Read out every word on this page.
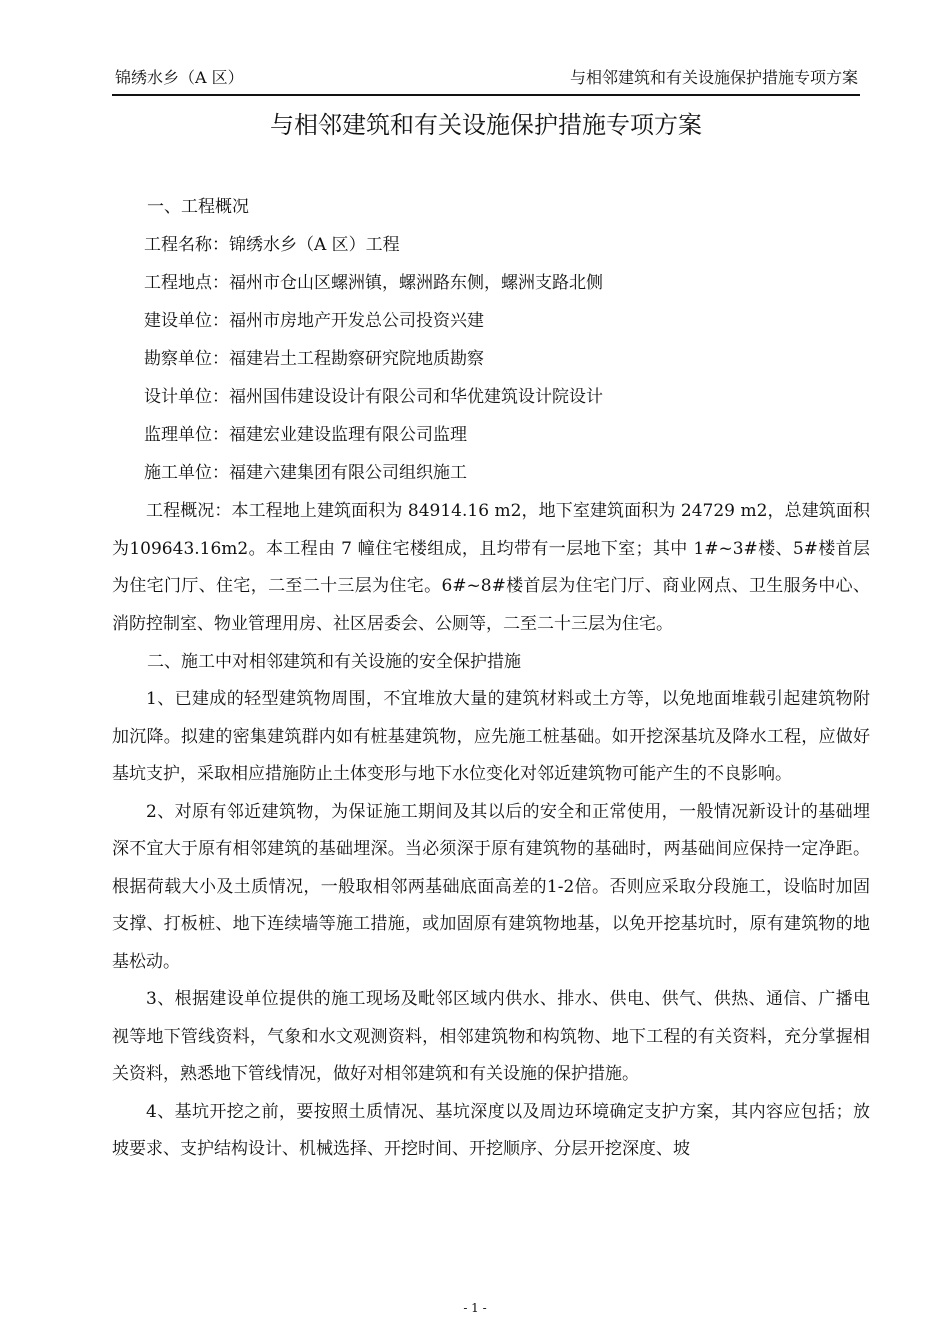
锦绣水乡（A 区）	与相邻建筑和有关设施保护措施专项方案
与相邻建筑和有关设施保护措施专项方案
一、工程概况
工程名称：锦绣水乡（A 区）工程
工程地点：福州市仓山区螺洲镇，螺洲路东侧，螺洲支路北侧
建设单位：福州市房地产开发总公司投资兴建
勘察单位：福建岩土工程勘察研究院地质勘察
设计单位：福州国伟建设设计有限公司和华优建筑设计院设计
监理单位：福建宏业建设监理有限公司监理
施工单位：福建六建集团有限公司组织施工

工程概况：本工程地上建筑面积为 84914.16 m2，地下室建筑面积为 24729 m2，总建筑面积为109643.16m2。本工程由 7 幢住宅楼组成，且均带有一层地下室；其中 1#~3#楼、5#楼首层为住宅门厅、住宅，二至二十三层为住宅。6#~8#楼首层为住宅门厅、商业网点、卫生服务中心、消防控制室、物业管理用房、社区居委会、公厕等，二至二十三层为住宅。

二、施工中对相邻建筑和有关设施的安全保护措施

1、已建成的轻型建筑物周围，不宜堆放大量的建筑材料或土方等，以免地面堆载引起建筑物附加沉降。拟建的密集建筑群内如有桩基建筑物，应先施工桩基础。如开挖深基坑及降水工程，应做好基坑支护，采取相应措施防止土体变形与地下水位变化对邻近建筑物可能产生的不良影响。

2、对原有邻近建筑物，为保证施工期间及其以后的安全和正常使用，一般情况新设计的基础埋深不宜大于原有相邻建筑的基础埋深。当必须深于原有建筑物的基础时，两基础间应保持一定净距。根据荷载大小及土质情况，一般取相邻两基础底面高差的1-2倍。否则应采取分段施工，设临时加固支撑、打板桩、地下连续墙等施工措施，或加固原有建筑物地基，以免开挖基坑时，原有建筑物的地基松动。

3、根据建设单位提供的施工现场及毗邻区域内供水、排水、供电、供气、供热、通信、广播电视等地下管线资料，气象和水文观测资料，相邻建筑物和构筑物、地下工程的有关资料，充分掌握相关资料，熟悉地下管线情况，做好对相邻建筑和有关设施的保护措施。

4、基坑开挖之前，要按照土质情况、基坑深度以及周边环境确定支护方案，其内容应包括；放坡要求、支护结构设计、机械选择、开挖时间、开挖顺序、分层开挖深度、坡

- 1 -
